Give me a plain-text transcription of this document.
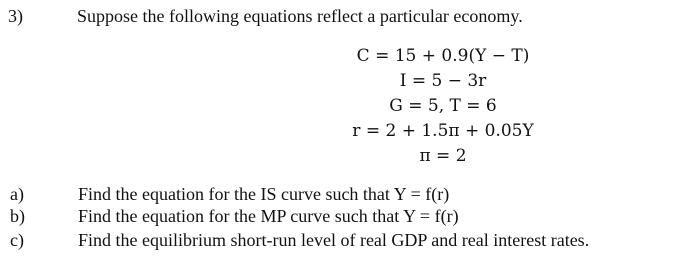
3)	Suppose the following equations reflect a particular economy.
C = 15 + 0.9(Y − T)
I = 5 − 3r
G = 5, T = 6
r = 2 + 1.5π + 0.05Y
π = 2
a)	Find the equation for the IS curve such that Y = f(r)
b)	Find the equation for the MP curve such that Y = f(r)
c)	Find the equilibrium short-run level of real GDP and real interest rates.
